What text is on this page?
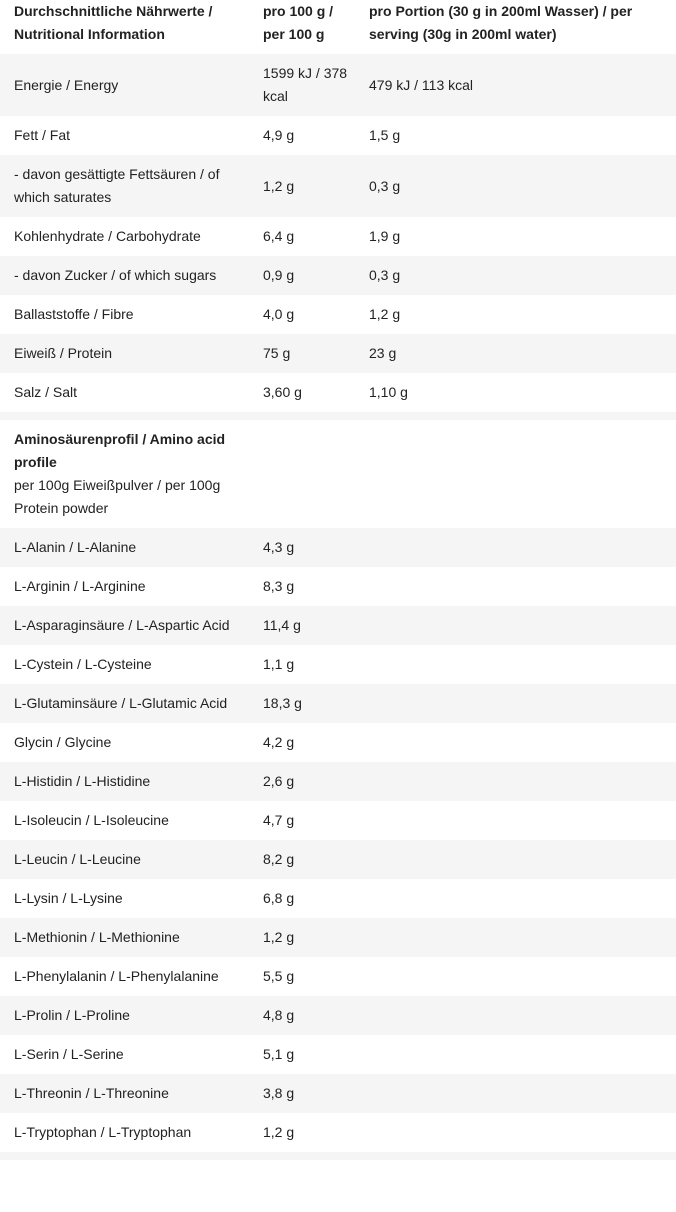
Durchschnittliche Nährwerte / Nutritional Information	pro 100 g / per 100 g	pro Portion (30 g in 200ml Wasser) / per serving (30g in 200ml water)
Energie / Energy	1599 kJ / 378 kcal	479 kJ / 113 kcal
Fett / Fat	4,9 g	1,5 g
- davon gesättigte Fettsäuren / of which saturates	1,2 g	0,3 g
Kohlenhydrate / Carbohydrate	6,4 g	1,9 g
- davon Zucker / of which sugars	0,9 g	0,3 g
Ballaststoffe / Fibre	4,0 g	1,2 g
Eiweiß / Protein	75 g	23 g
Salz / Salt	3,60 g	1,10 g

Aminosäurenprofil / Amino acid profile
per 100g Eiweißpulver / per 100g Protein powder		

L-Alanin / L-Alanine	4,3 g	
L-Arginin / L-Arginine	8,3 g	
L-Asparaginsäure / L-Aspartic Acid	11,4 g	
L-Cystein / L-Cysteine	1,1 g	
L-Glutaminsäure / L-Glutamic Acid	18,3 g	
Glycin / Glycine	4,2 g	
L-Histidin / L-Histidine	2,6 g	
L-Isoleucin / L-Isoleucine	4,7 g	
L-Leucin / L-Leucine	8,2 g	
L-Lysin / L-Lysine	6,8 g	
L-Methionin / L-Methionine	1,2 g	
L-Phenylalanin / L-Phenylalanine	5,5 g	
L-Prolin / L-Proline	4,8 g	
L-Serin / L-Serine	5,1 g	
L-Threonin / L-Threonine	3,8 g	
L-Tryptophan / L-Tryptophan	1,2 g	
